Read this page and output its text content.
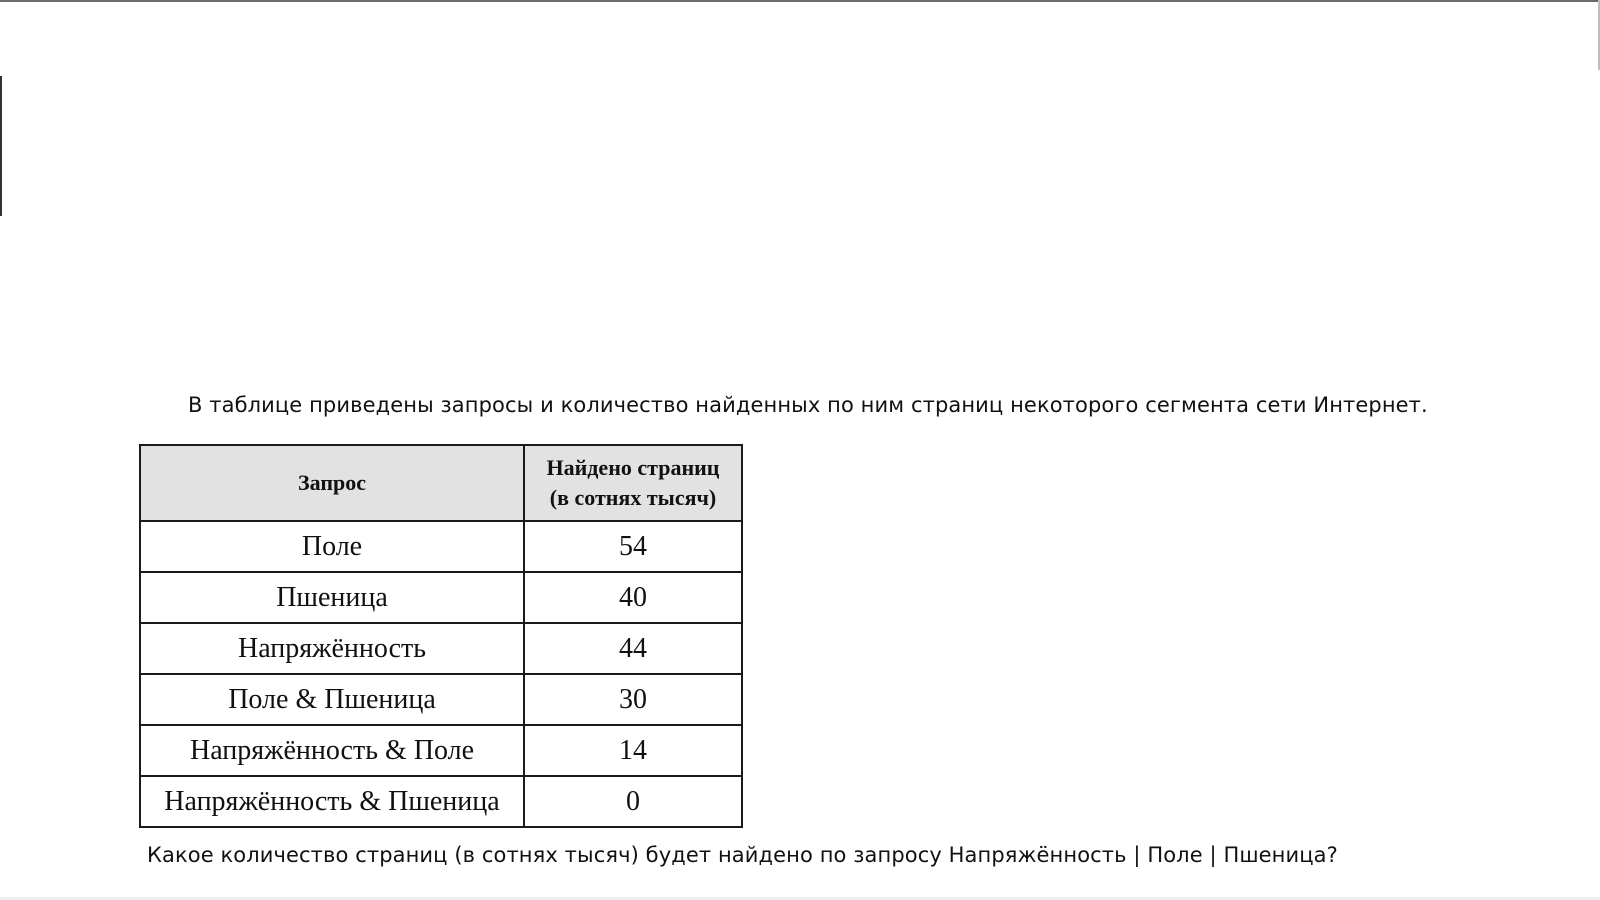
В таблице приведены запросы и количество найденных по ним страниц некоторого сегмента сети Интернет.
Запрос	Найдено страниц
(в сотнях тысяч)

Поле	54
Пшеница	40
Напряжённость	44
Поле & Пшеница	30
Напряжённость & Поле	14
Напряжённость & Пшеница	0
Какое количество страниц (в сотнях тысяч) будет найдено по запросу Напряжённость | Поле | Пшеница?
